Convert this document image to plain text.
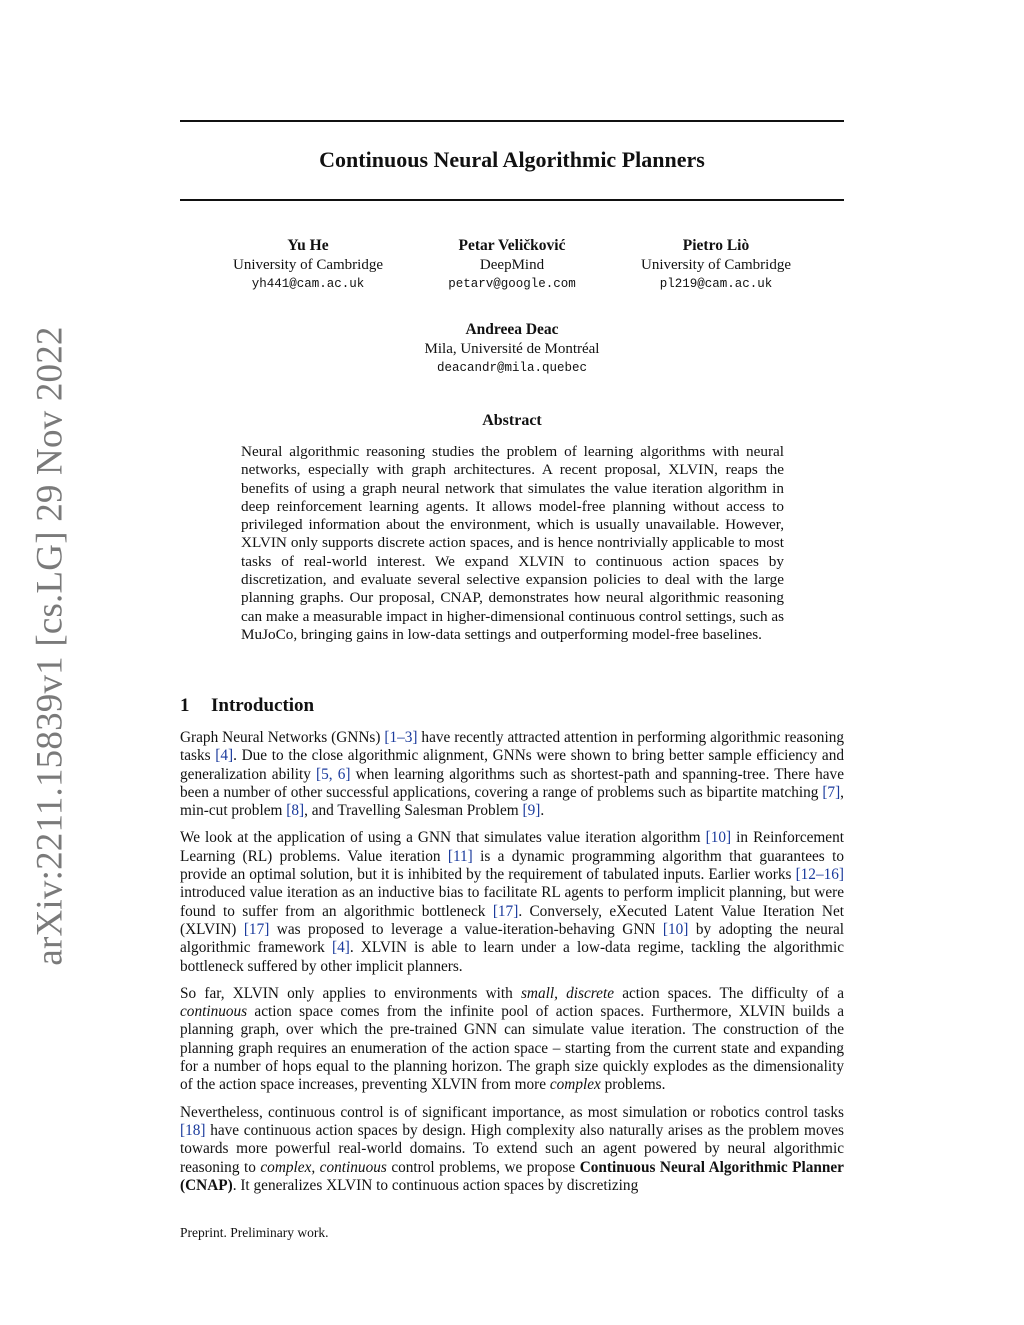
arXiv:2211.15839v1 [cs.LG] 29 Nov 2022
Continuous Neural Algorithmic Planners
Yu He
University of Cambridge
yh441@cam.ac.uk
Petar Veličković
DeepMind
petarv@google.com
Pietro Liò
University of Cambridge
pl219@cam.ac.uk
Andreea Deac
Mila, Université de Montréal
deacandr@mila.quebec
Abstract
Neural algorithmic reasoning studies the problem of learning algorithms with neural networks, especially with graph architectures. A recent proposal, XLVIN, reaps the benefits of using a graph neural network that simulates the value iteration algorithm in deep reinforcement learning agents. It allows model-free planning without access to privileged information about the environment, which is usually unavailable. However, XLVIN only supports discrete action spaces, and is hence nontrivially applicable to most tasks of real-world interest. We expand XLVIN to continuous action spaces by discretization, and evaluate several selective expansion policies to deal with the large planning graphs. Our proposal, CNAP, demonstrates how neural algorithmic reasoning can make a measurable impact in higher-dimensional continuous control settings, such as MuJoCo, bringing gains in low-data settings and outperforming model-free baselines.
1 Introduction

Graph Neural Networks (GNNs) [1–3] have recently attracted attention in performing algorithmic reasoning tasks [4]. Due to the close algorithmic alignment, GNNs were shown to bring better sample efficiency and generalization ability [5, 6] when learning algorithms such as shortest-path and spanning-tree. There have been a number of other successful applications, covering a range of problems such as bipartite matching [7], min-cut problem [8], and Travelling Salesman Problem [9].

We look at the application of using a GNN that simulates value iteration algorithm [10] in Reinforcement Learning (RL) problems. Value iteration [11] is a dynamic programming algorithm that guarantees to provide an optimal solution, but it is inhibited by the requirement of tabulated inputs. Earlier works [12–16] introduced value iteration as an inductive bias to facilitate RL agents to perform implicit planning, but were found to suffer from an algorithmic bottleneck [17]. Conversely, eXecuted Latent Value Iteration Net (XLVIN) [17] was proposed to leverage a value-iteration-behaving GNN [10] by adopting the neural algorithmic framework [4]. XLVIN is able to learn under a low-data regime, tackling the algorithmic bottleneck suffered by other implicit planners.

So far, XLVIN only applies to environments with small, discrete action spaces. The difficulty of a continuous action space comes from the infinite pool of action spaces. Furthermore, XLVIN builds a planning graph, over which the pre-trained GNN can simulate value iteration. The construction of the planning graph requires an enumeration of the action space – starting from the current state and expanding for a number of hops equal to the planning horizon. The graph size quickly explodes as the dimensionality of the action space increases, preventing XLVIN from more complex problems.

Nevertheless, continuous control is of significant importance, as most simulation or robotics control tasks [18] have continuous action spaces by design. High complexity also naturally arises as the problem moves towards more powerful real-world domains. To extend such an agent powered by neural algorithmic reasoning to complex, continuous control problems, we propose Continuous Neural Algorithmic Planner (CNAP). It generalizes XLVIN to continuous action spaces by discretizing

Preprint. Preliminary work.
